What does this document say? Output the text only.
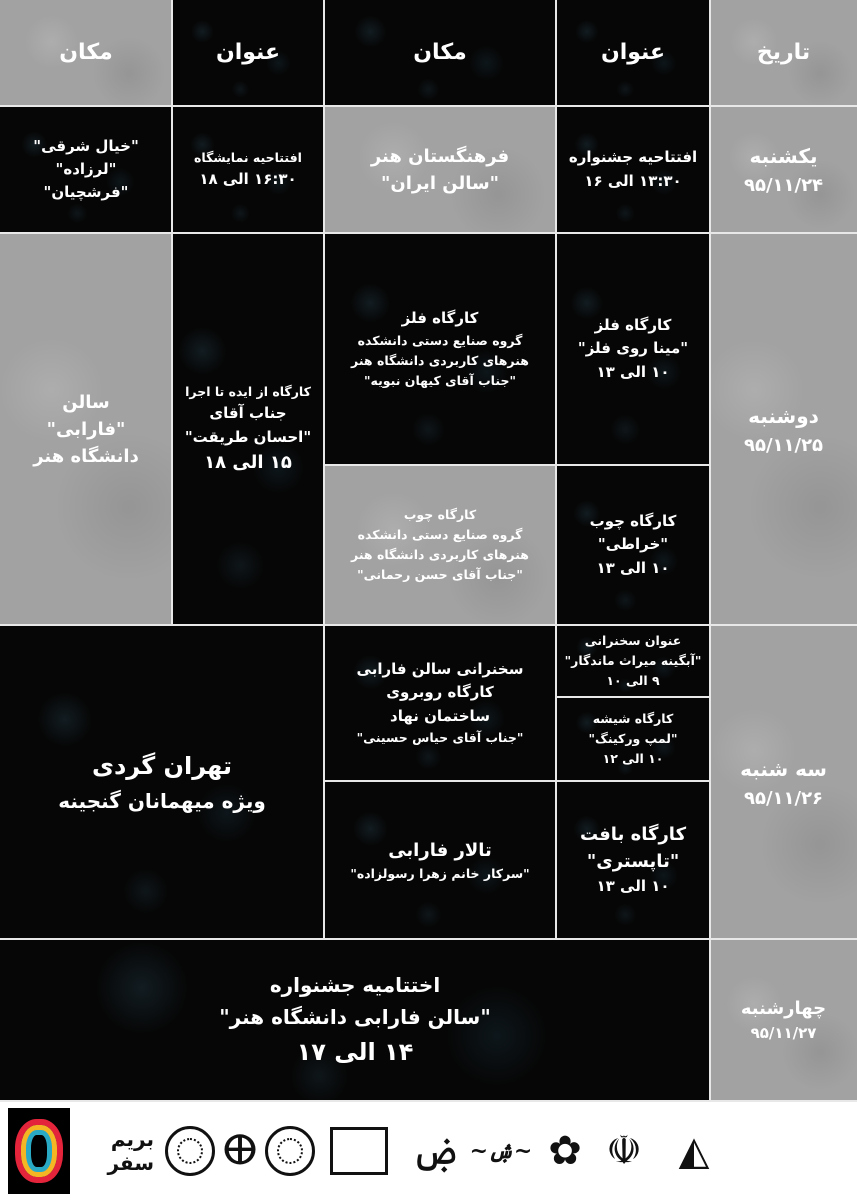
تاریخ
عنوان
مکان
عنوان
مکان
یکشنبه
۹۵/۱۱/۲۴
افتتاحیه جشنواره
۱۳:۳۰ الی ۱۶
فرهنگستان هنر
"سالن ایران"
افتتاحیه نمایشگاه
۱۶:۳۰ الی ۱۸
"خیال شرقی"
"لرزاده"
"فرشچیان"
دوشنبه
۹۵/۱۱/۲۵
کارگاه فلز
"مینا روی فلز"
۱۰ الی ۱۳
کارگاه فلز
گروه صنایع دستی دانشکده
هنرهای کاربردی دانشگاه هنر
"جناب آقای کیهان نبویه"
کارگاه چوب
"خراطی"
۱۰ الی ۱۳
کارگاه چوب
گروه صنایع دستی دانشکده
هنرهای کاربردی دانشگاه هنر
"جناب آقای حسن رحمانی"
کارگاه از ایده تا اجرا
جناب آقای
"احسان طریقت"
۱۵ الی ۱۸
سالن
"فارابی"
دانشگاه هنر
سه شنبه
۹۵/۱۱/۲۶
عنوان سخنرانی
"آبگینه میراث ماندگار"
۹ الی ۱۰
کارگاه شیشه
"لمپ ورکینگ"
۱۰ الی ۱۲
سخنرانی سالن فارابی
کارگاه روبروی
ساختمان نهاد
"جناب آقای حیاس حسینی"
کارگاه بافت
"تاپستری"
۱۰ الی ۱۳
تالار فارابی
"سرکار خانم زهرا رسولزاده"
تهران گردی
ویژه میهمانان گنجینه
چهارشنبه
۹۵/۱۱/۲۷
اختتامیه جشنواره
"سالن فارابی دانشگاه هنر"
۱۴ الی ۱۷
بریم سفر ⴲ	ۻ ~ۺ~ ✿ ☫ ◭
